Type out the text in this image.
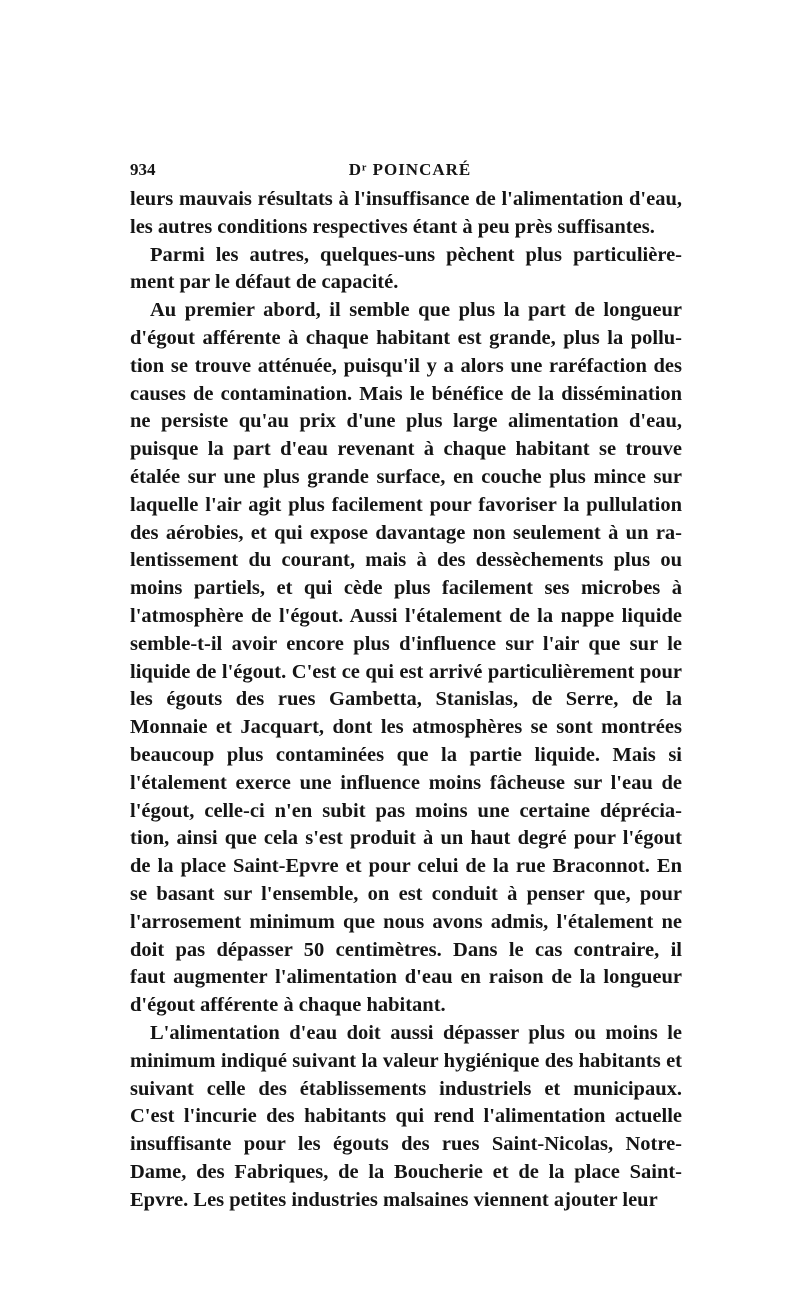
934	Dʳ POINCARÉ
leurs mauvais résultats à l'insuffisance de l'alimentation d'eau,
les autres conditions respectives étant à peu près suffisantes.
Parmi les autres, quelques-uns pèchent plus particulière-
ment par le défaut de capacité.
Au premier abord, il semble que plus la part de longueur
d'égout afférente à chaque habitant est grande, plus la pollu-
tion se trouve atténuée, puisqu'il y a alors une raréfaction des
causes de contamination. Mais le bénéfice de la dissémination
ne persiste qu'au prix d'une plus large alimentation d'eau,
puisque la part d'eau revenant à chaque habitant se trouve
étalée sur une plus grande surface, en couche plus mince sur
laquelle l'air agit plus facilement pour favoriser la pullulation
des aérobies, et qui expose davantage non seulement à un ra-
lentissement du courant, mais à des dessèchements plus ou
moins partiels, et qui cède plus facilement ses microbes à
l'atmosphère de l'égout. Aussi l'étalement de la nappe liquide
semble-t-il avoir encore plus d'influence sur l'air que sur le
liquide de l'égout. C'est ce qui est arrivé particulièrement pour
les égouts des rues Gambetta, Stanislas, de Serre, de la
Monnaie et Jacquart, dont les atmosphères se sont montrées
beaucoup plus contaminées que la partie liquide. Mais si
l'étalement exerce une influence moins fâcheuse sur l'eau de
l'égout, celle-ci n'en subit pas moins une certaine déprécia-
tion, ainsi que cela s'est produit à un haut degré pour l'égout
de la place Saint-Epvre et pour celui de la rue Braconnot. En
se basant sur l'ensemble, on est conduit à penser que, pour
l'arrosement minimum que nous avons admis, l'étalement ne
doit pas dépasser 50 centimètres. Dans le cas contraire, il
faut augmenter l'alimentation d'eau en raison de la longueur
d'égout afférente à chaque habitant.
L'alimentation d'eau doit aussi dépasser plus ou moins le
minimum indiqué suivant la valeur hygiénique des habitants et
suivant celle des établissements industriels et municipaux.
C'est l'incurie des habitants qui rend l'alimentation actuelle
insuffisante pour les égouts des rues Saint-Nicolas, Notre-
Dame, des Fabriques, de la Boucherie et de la place Saint-
Epvre. Les petites industries malsaines viennent ajouter leur
